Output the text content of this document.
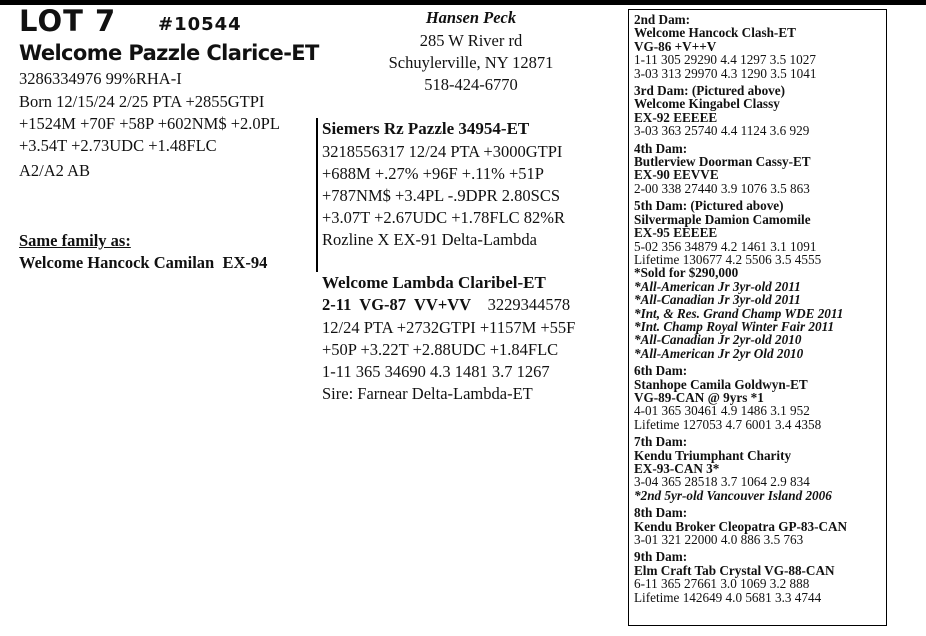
LOT 7 #10544
Welcome Pazzle Clarice-ET
3286334976 99%RHA-I
Born 12/15/24 2/25 PTA +2855GTPI
+1524M +70F +58P +602NM$ +2.0PL
+3.54T +2.73UDC +1.48FLC
A2/A2 AB
Same family as:
Welcome Hancock Camilan  EX-94
Hansen Peck
285 W River rd
Schuylerville, NY 12871
518-424-6770
Siemers Rz Pazzle 34954-ET
3218556317 12/24 PTA +3000GTPI
+688M +.27% +96F +.11% +51P
+787NM$ +3.4PL -.9DPR 2.80SCS
+3.07T +2.67UDC +1.78FLC 82%R
Rozline X EX-91 Delta-Lambda
Welcome Lambda Claribel-ET
2-11  VG-87  VV+VV 3229344578
12/24 PTA +2732GTPI +1157M +55F
+50P +3.22T +2.88UDC +1.84FLC
1-11 365 34690 4.3 1481 3.7 1267
Sire: Farnear Delta-Lambda-ET
2nd Dam:
Welcome Hancock Clash-ET
VG-86 +V++V
1-11 305 29290 4.4 1297 3.5 1027
3-03 313 29970 4.3 1290 3.5 1041
3rd Dam: (Pictured above)
Welcome Kingabel Classy
EX-92 EEEEE
3-03 363 25740 4.4 1124 3.6 929
4th Dam:
Butlerview Doorman Cassy-ET
EX-90 EEVVE
2-00 338 27440 3.9 1076 3.5 863
5th Dam: (Pictured above)
Silvermaple Damion Camomile
EX-95 EEEEE
5-02 356 34879 4.2 1461 3.1 1091
Lifetime 130677 4.2 5506 3.5 4555
*Sold for $290,000
*All-American Jr 3yr-old 2011
*All-Canadian Jr 3yr-old 2011
*Int, & Res. Grand Champ WDE 2011
*Int. Champ Royal Winter Fair 2011
*All-Canadian Jr 2yr-old 2010
*All-American Jr 2yr Old 2010
6th Dam:
Stanhope Camila Goldwyn-ET
VG-89-CAN @ 9yrs *1
4-01 365 30461 4.9 1486 3.1 952
Lifetime 127053 4.7 6001 3.4 4358
7th Dam:
Kendu Triumphant Charity
EX-93-CAN 3*
3-04 365 28518 3.7 1064 2.9 834
*2nd 5yr-old Vancouver Island 2006
8th Dam:
Kendu Broker Cleopatra GP-83-CAN
3-01 321 22000 4.0 886 3.5 763
9th Dam:
Elm Craft Tab Crystal VG-88-CAN
6-11 365 27661 3.0 1069 3.2 888
Lifetime 142649 4.0 5681 3.3 4744
